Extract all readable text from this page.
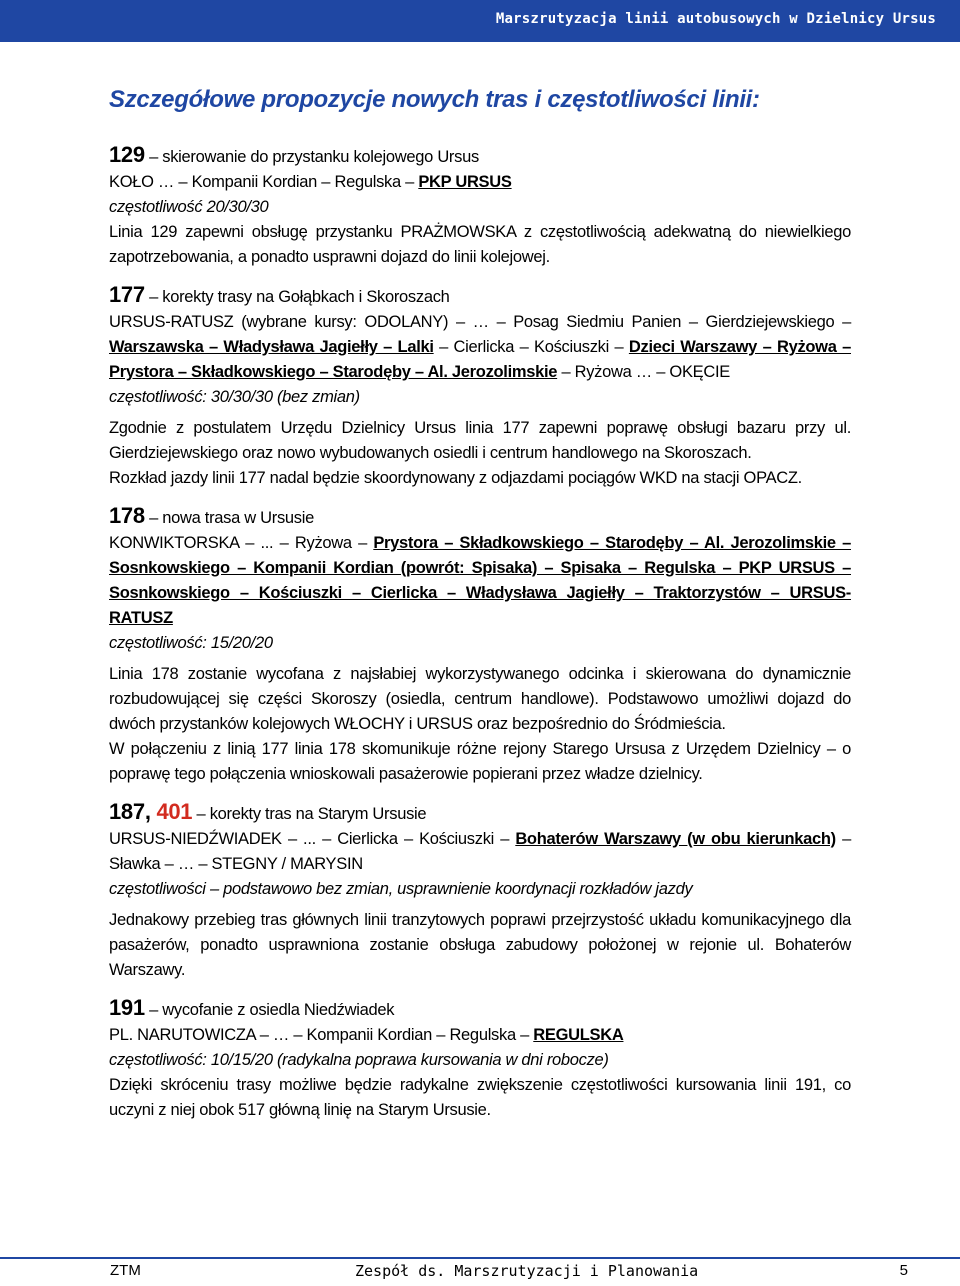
Marszrutyzacja linii autobusowych w Dzielnicy Ursus
Szczegółowe propozycje nowych tras i częstotliwości linii:

129 – skierowanie do przystanku kolejowego Ursus

KOŁO … – Kompanii Kordian – Regulska – PKP URSUS

częstotliwość 20/30/30

Linia 129 zapewni obsługę przystanku PRAŻMOWSKA z częstotliwością adekwatną do niewielkiego zapotrzebowania, a ponadto usprawni dojazd do linii kolejowej.

177 – korekty trasy na Gołąbkach i Skoroszach

URSUS-RATUSZ (wybrane kursy: ODOLANY) – … – Posag Siedmiu Panien – Gierdziejewskiego – Warszawska – Władysława Jagiełły – Lalki – Cierlicka – Kościuszki – Dzieci Warszawy – Ryżowa – Prystora – Składkowskiego – Starodęby – Al. Jerozolimskie – Ryżowa … – OKĘCIE

częstotliwość: 30/30/30 (bez zmian)

Zgodnie z postulatem Urzędu Dzielnicy Ursus linia 177 zapewni poprawę obsługi bazaru przy ul. Gierdziejewskiego oraz nowo wybudowanych osiedli i centrum handlowego na Skoroszach.

Rozkład jazdy linii 177 nadal będzie skoordynowany z odjazdami pociągów WKD na stacji OPACZ.

178 – nowa trasa w Ursusie

KONWIKTORSKA – ... – Ryżowa – Prystora – Składkowskiego – Starodęby – Al. Jerozolimskie – Sosnkowskiego – Kompanii Kordian (powrót: Spisaka) – Spisaka – Regulska – PKP URSUS – Sosnkowskiego – Kościuszki – Cierlicka – Władysława Jagiełły – Traktorzystów – URSUS-RATUSZ

częstotliwość: 15/20/20

Linia 178 zostanie wycofana z najsłabiej wykorzystywanego odcinka i skierowana do dynamicznie rozbudowującej się części Skoroszy (osiedla, centrum handlowe). Podstawowo umożliwi dojazd do dwóch przystanków kolejowych WŁOCHY i URSUS oraz bezpośrednio do Śródmieścia.

W połączeniu z linią 177 linia 178 skomunikuje różne rejony Starego Ursusa z Urzędem Dzielnicy – o poprawę tego połączenia wnioskowali pasażerowie popierani przez władze dzielnicy.

187, 401 – korekty tras na Starym Ursusie

URSUS-NIEDŹWIADEK – ... – Cierlicka – Kościuszki – Bohaterów Warszawy (w obu kierunkach) – Sławka – … – STEGNY / MARYSIN

częstotliwości – podstawowo bez zmian, usprawnienie koordynacji rozkładów jazdy

Jednakowy przebieg tras głównych linii tranzytowych poprawi przejrzystość układu komunikacyjnego dla pasażerów, ponadto usprawniona zostanie obsługa zabudowy położonej w rejonie ul. Bohaterów Warszawy.

191 – wycofanie z osiedla Niedźwiadek

PL. NARUTOWICZA – … – Kompanii Kordian – Regulska – REGULSKA

częstotliwość: 10/15/20 (radykalna poprawa kursowania w dni robocze)

Dzięki skróceniu trasy możliwe będzie radykalne zwiększenie częstotliwości kursowania linii 191, co uczyni z niej obok 517 główną linię na Starym Ursusie.

ZTM	Zespół ds. Marszrutyzacji i Planowania	5
